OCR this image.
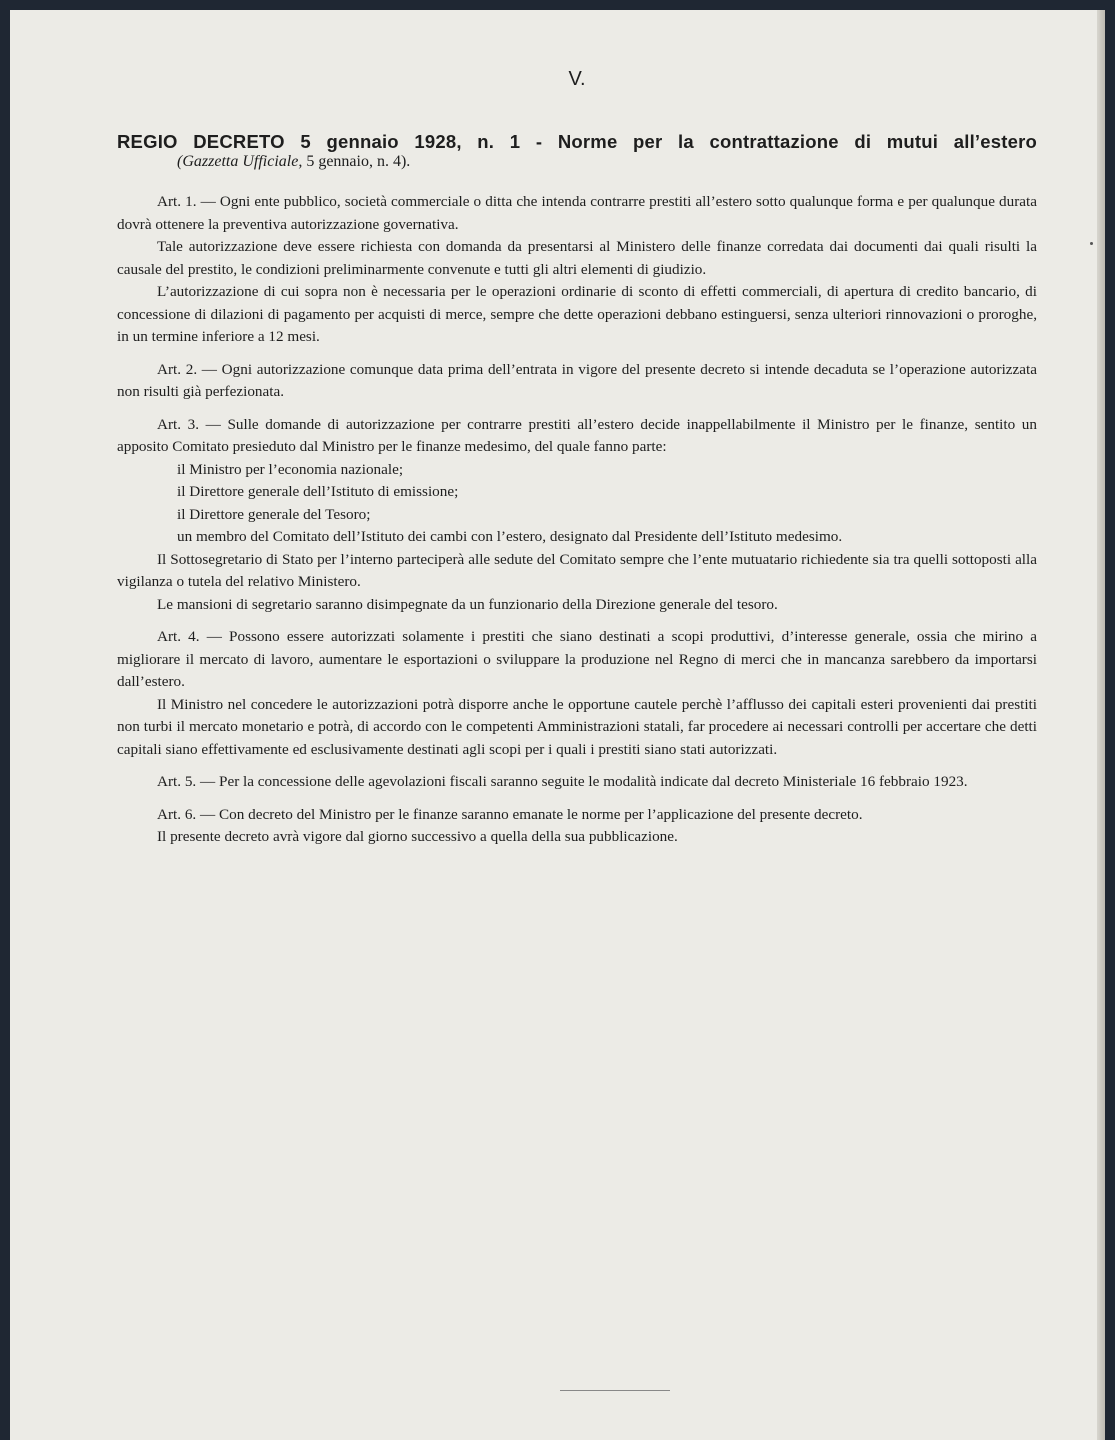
V.
REGIO DECRETO 5 gennaio 1928, n. 1 - Norme per la contrattazione di mutui all’estero
(Gazzetta Ufficiale, 5 gennaio, n. 4).

Art. 1. — Ogni ente pubblico, società commerciale o ditta che intenda contrarre prestiti all’estero sotto qualunque forma e per qualunque durata dovrà ottenere la preventiva autorizzazione governativa.

Tale autorizzazione deve essere richiesta con domanda da presentarsi al Ministero delle finanze corredata dai documenti dai quali risulti la causale del prestito, le condizioni preliminarmente convenute e tutti gli altri elementi di giudizio.

L’autorizzazione di cui sopra non è necessaria per le operazioni ordinarie di sconto di effetti commerciali, di apertura di credito bancario, di concessione di dilazioni di pagamento per acquisti di merce, sempre che dette operazioni debbano estinguersi, senza ulteriori rinnovazioni o proroghe, in un termine inferiore a 12 mesi.

Art. 2. — Ogni autorizzazione comunque data prima dell’entrata in vigore del presente decreto si intende decaduta se l’operazione autorizzata non risulti già perfezionata.

Art. 3. — Sulle domande di autorizzazione per contrarre prestiti all’estero decide inappellabilmente il Ministro per le finanze, sentito un apposito Comitato presieduto dal Ministro per le finanze medesimo, del quale fanno parte:

il Ministro per l’economia nazionale;

il Direttore generale dell’Istituto di emissione;

il Direttore generale del Tesoro;

un membro del Comitato dell’Istituto dei cambi con l’estero, designato dal Presidente dell’Istituto medesimo.

Il Sottosegretario di Stato per l’interno parteciperà alle sedute del Comitato sempre che l’ente mutuatario richiedente sia tra quelli sottoposti alla vigilanza o tutela del relativo Ministero.

Le mansioni di segretario saranno disimpegnate da un funzionario della Direzione generale del tesoro.

Art. 4. — Possono essere autorizzati solamente i prestiti che siano destinati a scopi produttivi, d’interesse generale, ossia che mirino a migliorare il mercato di lavoro, aumentare le esportazioni o sviluppare la produzione nel Regno di merci che in mancanza sarebbero da importarsi dall’estero.

Il Ministro nel concedere le autorizzazioni potrà disporre anche le opportune cautele perchè l’afflusso dei capitali esteri provenienti dai prestiti non turbi il mercato monetario e potrà, di accordo con le competenti Amministrazioni statali, far procedere ai necessari controlli per accertare che detti capitali siano effettivamente ed esclusivamente destinati agli scopi per i quali i prestiti siano stati autorizzati.

Art. 5. — Per la concessione delle agevolazioni fiscali saranno seguite le modalità indicate dal decreto Ministeriale 16 febbraio 1923.

Art. 6. — Con decreto del Ministro per le finanze saranno emanate le norme per l’applicazione del presente decreto.

Il presente decreto avrà vigore dal giorno successivo a quella della sua pubblicazione.
